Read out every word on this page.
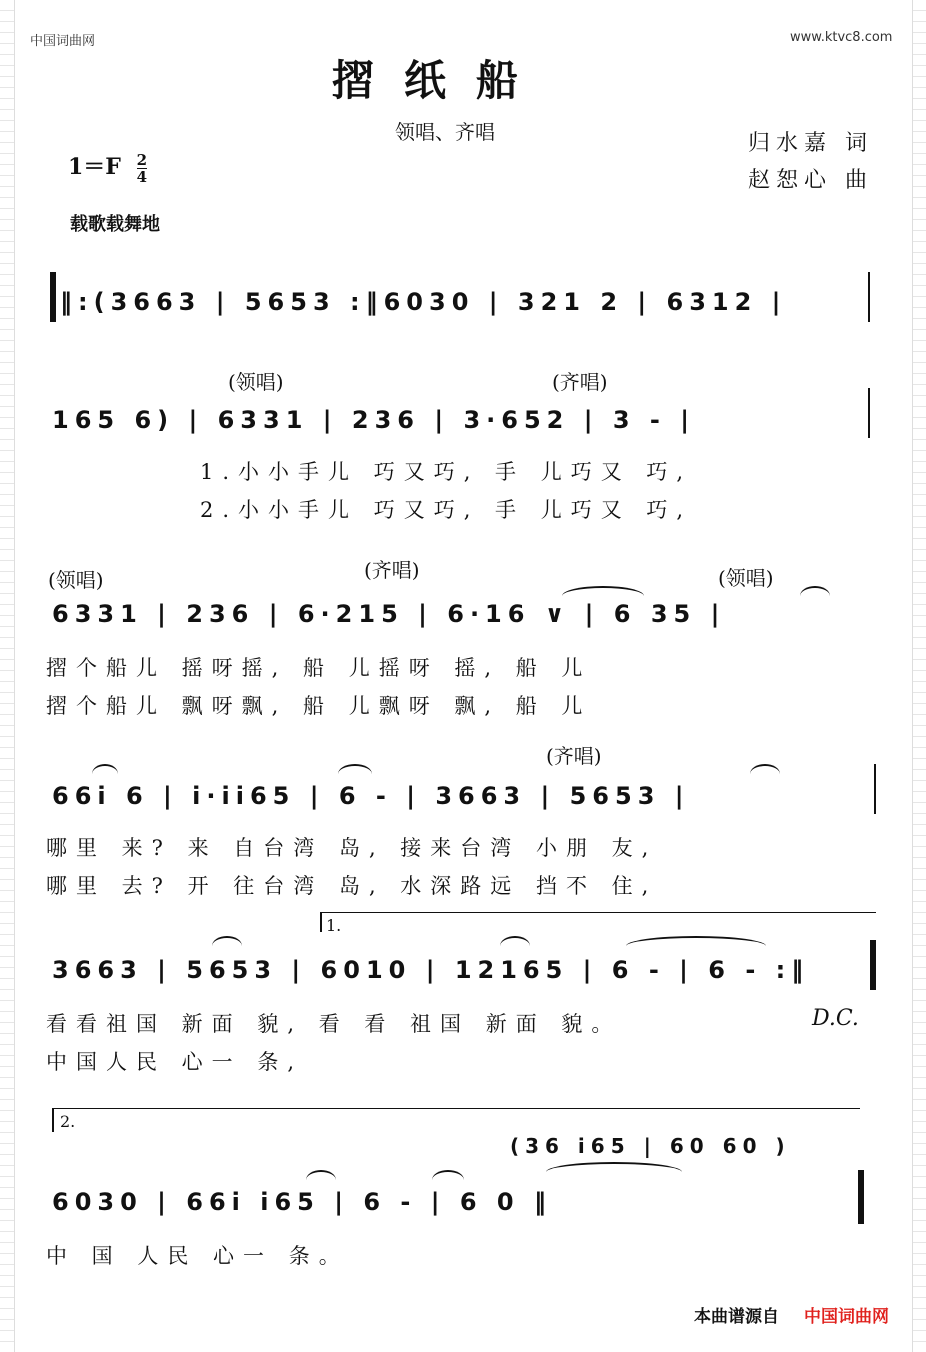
中国词曲网	www.ktvc8.com
摺纸船
领唱、齐唱	归水嘉 词
赵恕心 曲
$1=F \frac{2}{4}$
载歌载舞地
‖:(3663 | 5653 :‖6030 | 321 2 | 6312 |
(领唱)	(齐唱)
165 6) | 6331 | 236 | 3·652 | 3 - |
1.小小手儿 巧又巧, 手 儿巧又 巧,
2.小小手儿 巧又巧, 手 儿巧又 巧,
(领唱)	(齐唱)	(领唱)
6331 | 236 | 6·215 | 6·16 ∨ | 6 35 |
摺个船儿 摇呀摇, 船 儿摇呀 摇, 船 儿
摺个船儿 飘呀飘, 船 儿飘呀 飘, 船 儿
(齐唱)
66i 6 | i·ii65 | 6 - | 3663 | 5653 |
哪里 来? 来 自台湾 岛, 接来台湾 小朋 友,
哪里 去? 开 往台湾 岛, 水深路远 挡不 住,
1.
3663 | 5653 | 6010 | 12165 | 6 - | 6 - :‖
看看祖国 新面 貌, 看 看 祖国 新面 貌。	D.C.
中国人民 心一 条,
2.
(36 i65 | 60 60 )
6030 | 66i i65 | 6 - | 6 0 ‖
中 国 人民 心一 条。
本曲谱源自 中国词曲网
